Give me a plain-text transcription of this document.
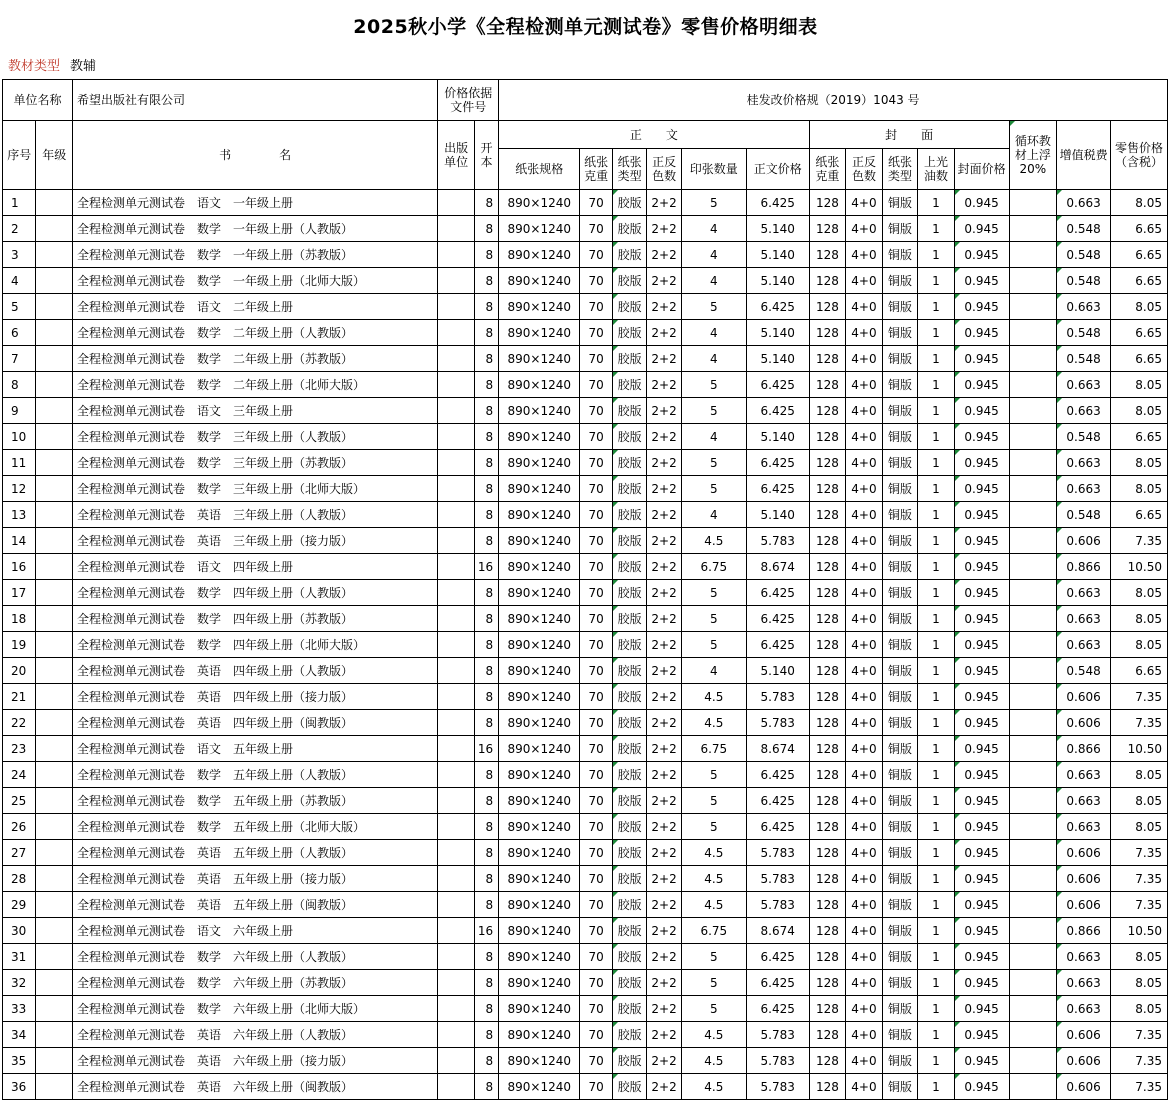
2025秋小学《全程检测单元测试卷》零售价格明细表
教材类型 教辅
单位名称		希望出版社有限公司	价格依据文件号		桂发改价格规（2019）1043 号													
序号	年级	书　　　　名	出版单位	开本	正　　文						封　　面					循环教材上浮20%	增值税费	零售价格（含税）
					纸张规格	纸张克重	纸张类型	正反色数	印张数量	正文价格	纸张克重	正反色数	纸张类型	上光油数	封面价格			
1		全程检测单元测试卷　语文　一年级上册		8	890×1240	70	胶版	2+2	5	6.425	128	4+0	铜版	1	0.945		0.663	8.05
2		全程检测单元测试卷　数学　一年级上册（人教版）		8	890×1240	70	胶版	2+2	4	5.140	128	4+0	铜版	1	0.945		0.548	6.65
3		全程检测单元测试卷　数学　一年级上册（苏教版）		8	890×1240	70	胶版	2+2	4	5.140	128	4+0	铜版	1	0.945		0.548	6.65
4		全程检测单元测试卷　数学　一年级上册（北师大版）		8	890×1240	70	胶版	2+2	4	5.140	128	4+0	铜版	1	0.945		0.548	6.65
5		全程检测单元测试卷　语文　二年级上册		8	890×1240	70	胶版	2+2	5	6.425	128	4+0	铜版	1	0.945		0.663	8.05
6		全程检测单元测试卷　数学　二年级上册（人教版）		8	890×1240	70	胶版	2+2	4	5.140	128	4+0	铜版	1	0.945		0.548	6.65
7		全程检测单元测试卷　数学　二年级上册（苏教版）		8	890×1240	70	胶版	2+2	4	5.140	128	4+0	铜版	1	0.945		0.548	6.65
8		全程检测单元测试卷　数学　二年级上册（北师大版）		8	890×1240	70	胶版	2+2	5	6.425	128	4+0	铜版	1	0.945		0.663	8.05
9		全程检测单元测试卷　语文　三年级上册		8	890×1240	70	胶版	2+2	5	6.425	128	4+0	铜版	1	0.945		0.663	8.05
10		全程检测单元测试卷　数学　三年级上册（人教版）		8	890×1240	70	胶版	2+2	4	5.140	128	4+0	铜版	1	0.945		0.548	6.65
11		全程检测单元测试卷　数学　三年级上册（苏教版）		8	890×1240	70	胶版	2+2	5	6.425	128	4+0	铜版	1	0.945		0.663	8.05
12		全程检测单元测试卷　数学　三年级上册（北师大版）		8	890×1240	70	胶版	2+2	5	6.425	128	4+0	铜版	1	0.945		0.663	8.05
13		全程检测单元测试卷　英语　三年级上册（人教版）		8	890×1240	70	胶版	2+2	4	5.140	128	4+0	铜版	1	0.945		0.548	6.65
14		全程检测单元测试卷　英语　三年级上册（接力版）		8	890×1240	70	胶版	2+2	4.5	5.783	128	4+0	铜版	1	0.945		0.606	7.35
16		全程检测单元测试卷　语文　四年级上册		16	890×1240	70	胶版	2+2	6.75	8.674	128	4+0	铜版	1	0.945		0.866	10.50
17		全程检测单元测试卷　数学　四年级上册（人教版）		8	890×1240	70	胶版	2+2	5	6.425	128	4+0	铜版	1	0.945		0.663	8.05
18		全程检测单元测试卷　数学　四年级上册（苏教版）		8	890×1240	70	胶版	2+2	5	6.425	128	4+0	铜版	1	0.945		0.663	8.05
19		全程检测单元测试卷　数学　四年级上册（北师大版）		8	890×1240	70	胶版	2+2	5	6.425	128	4+0	铜版	1	0.945		0.663	8.05
20		全程检测单元测试卷　英语　四年级上册（人教版）		8	890×1240	70	胶版	2+2	4	5.140	128	4+0	铜版	1	0.945		0.548	6.65
21		全程检测单元测试卷　英语　四年级上册（接力版）		8	890×1240	70	胶版	2+2	4.5	5.783	128	4+0	铜版	1	0.945		0.606	7.35
22		全程检测单元测试卷　英语　四年级上册（闽教版）		8	890×1240	70	胶版	2+2	4.5	5.783	128	4+0	铜版	1	0.945		0.606	7.35
23		全程检测单元测试卷　语文　五年级上册		16	890×1240	70	胶版	2+2	6.75	8.674	128	4+0	铜版	1	0.945		0.866	10.50
24		全程检测单元测试卷　数学　五年级上册（人教版）		8	890×1240	70	胶版	2+2	5	6.425	128	4+0	铜版	1	0.945		0.663	8.05
25		全程检测单元测试卷　数学　五年级上册（苏教版）		8	890×1240	70	胶版	2+2	5	6.425	128	4+0	铜版	1	0.945		0.663	8.05
26		全程检测单元测试卷　数学　五年级上册（北师大版）		8	890×1240	70	胶版	2+2	5	6.425	128	4+0	铜版	1	0.945		0.663	8.05
27		全程检测单元测试卷　英语　五年级上册（人教版）		8	890×1240	70	胶版	2+2	4.5	5.783	128	4+0	铜版	1	0.945		0.606	7.35
28		全程检测单元测试卷　英语　五年级上册（接力版）		8	890×1240	70	胶版	2+2	4.5	5.783	128	4+0	铜版	1	0.945		0.606	7.35
29		全程检测单元测试卷　英语　五年级上册（闽教版）		8	890×1240	70	胶版	2+2	4.5	5.783	128	4+0	铜版	1	0.945		0.606	7.35
30		全程检测单元测试卷　语文　六年级上册		16	890×1240	70	胶版	2+2	6.75	8.674	128	4+0	铜版	1	0.945		0.866	10.50
31		全程检测单元测试卷　数学　六年级上册（人教版）		8	890×1240	70	胶版	2+2	5	6.425	128	4+0	铜版	1	0.945		0.663	8.05
32		全程检测单元测试卷　数学　六年级上册（苏教版）		8	890×1240	70	胶版	2+2	5	6.425	128	4+0	铜版	1	0.945		0.663	8.05
33		全程检测单元测试卷　数学　六年级上册（北师大版）		8	890×1240	70	胶版	2+2	5	6.425	128	4+0	铜版	1	0.945		0.663	8.05
34		全程检测单元测试卷　英语　六年级上册（人教版）		8	890×1240	70	胶版	2+2	4.5	5.783	128	4+0	铜版	1	0.945		0.606	7.35
35		全程检测单元测试卷　英语　六年级上册（接力版）		8	890×1240	70	胶版	2+2	4.5	5.783	128	4+0	铜版	1	0.945		0.606	7.35
36		全程检测单元测试卷　英语　六年级上册（闽教版）		8	890×1240	70	胶版	2+2	4.5	5.783	128	4+0	铜版	1	0.945		0.606	7.35
